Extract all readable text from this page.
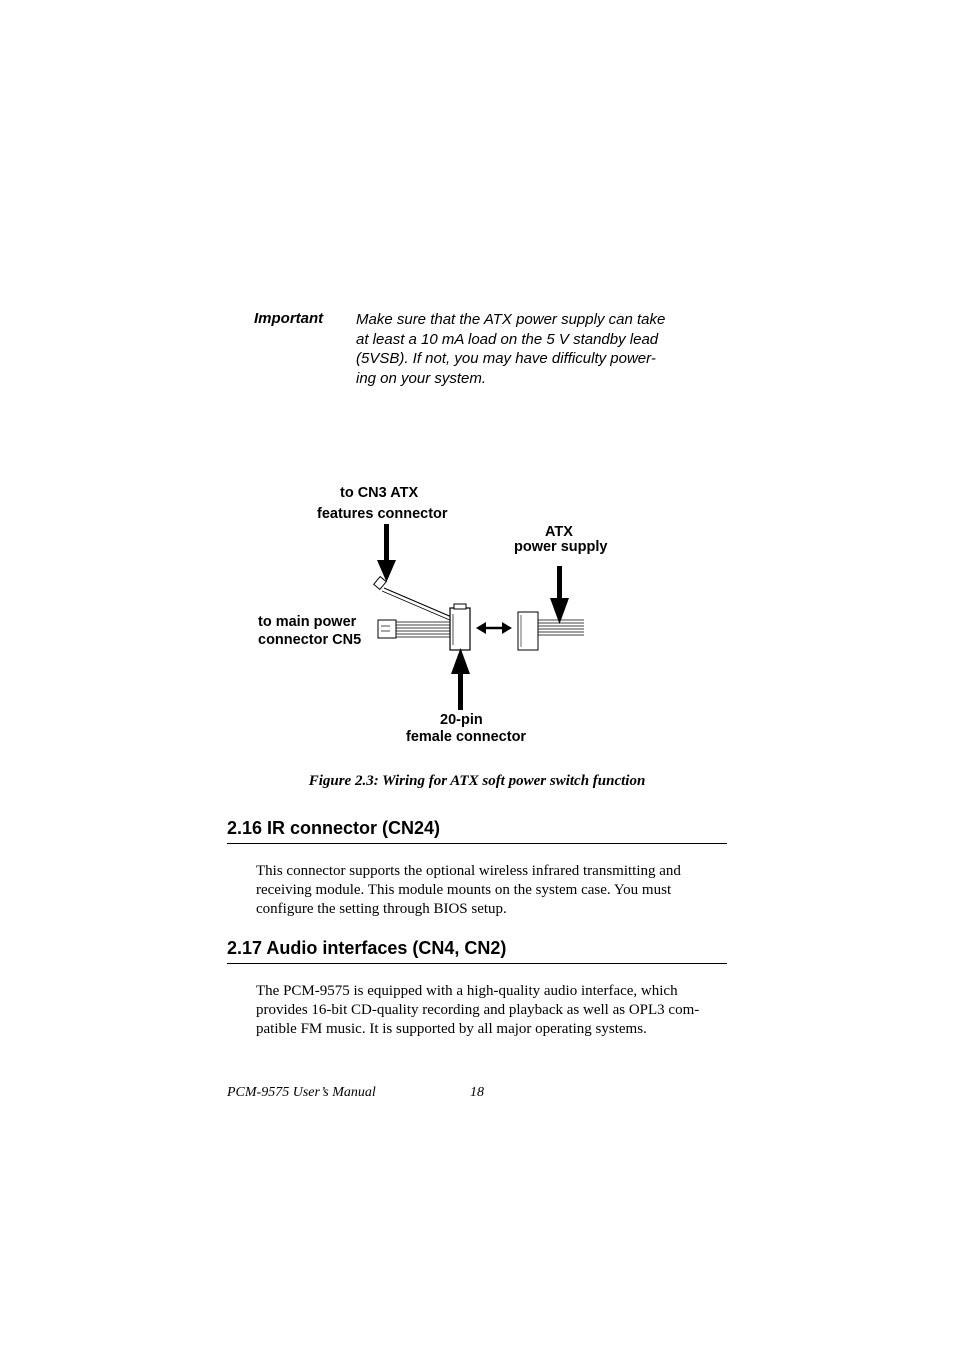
Important Make sure that the ATX power supply can take
at least a 10 mA load on the 5 V standby lead
(5VSB). If not, you may have difficulty power-
ing on your system.
to CN3 ATX
features connector
ATX
power supply
to main power
connector CN5
20-pin
female connector
Figure 2.3: Wiring for ATX soft power switch function
2.16 IR connector (CN24)
This connector supports the optional wireless infrared transmitting and
receiving module. This module mounts on the system case. You must
configure the setting through BIOS setup.
2.17 Audio interfaces (CN4, CN2)
The PCM-9575 is equipped with a high-quality audio interface, which
provides 16-bit CD-quality recording and playback as well as OPL3 com-
patible FM music. It is supported by all major operating systems.
PCM-9575 User’s Manual	18
